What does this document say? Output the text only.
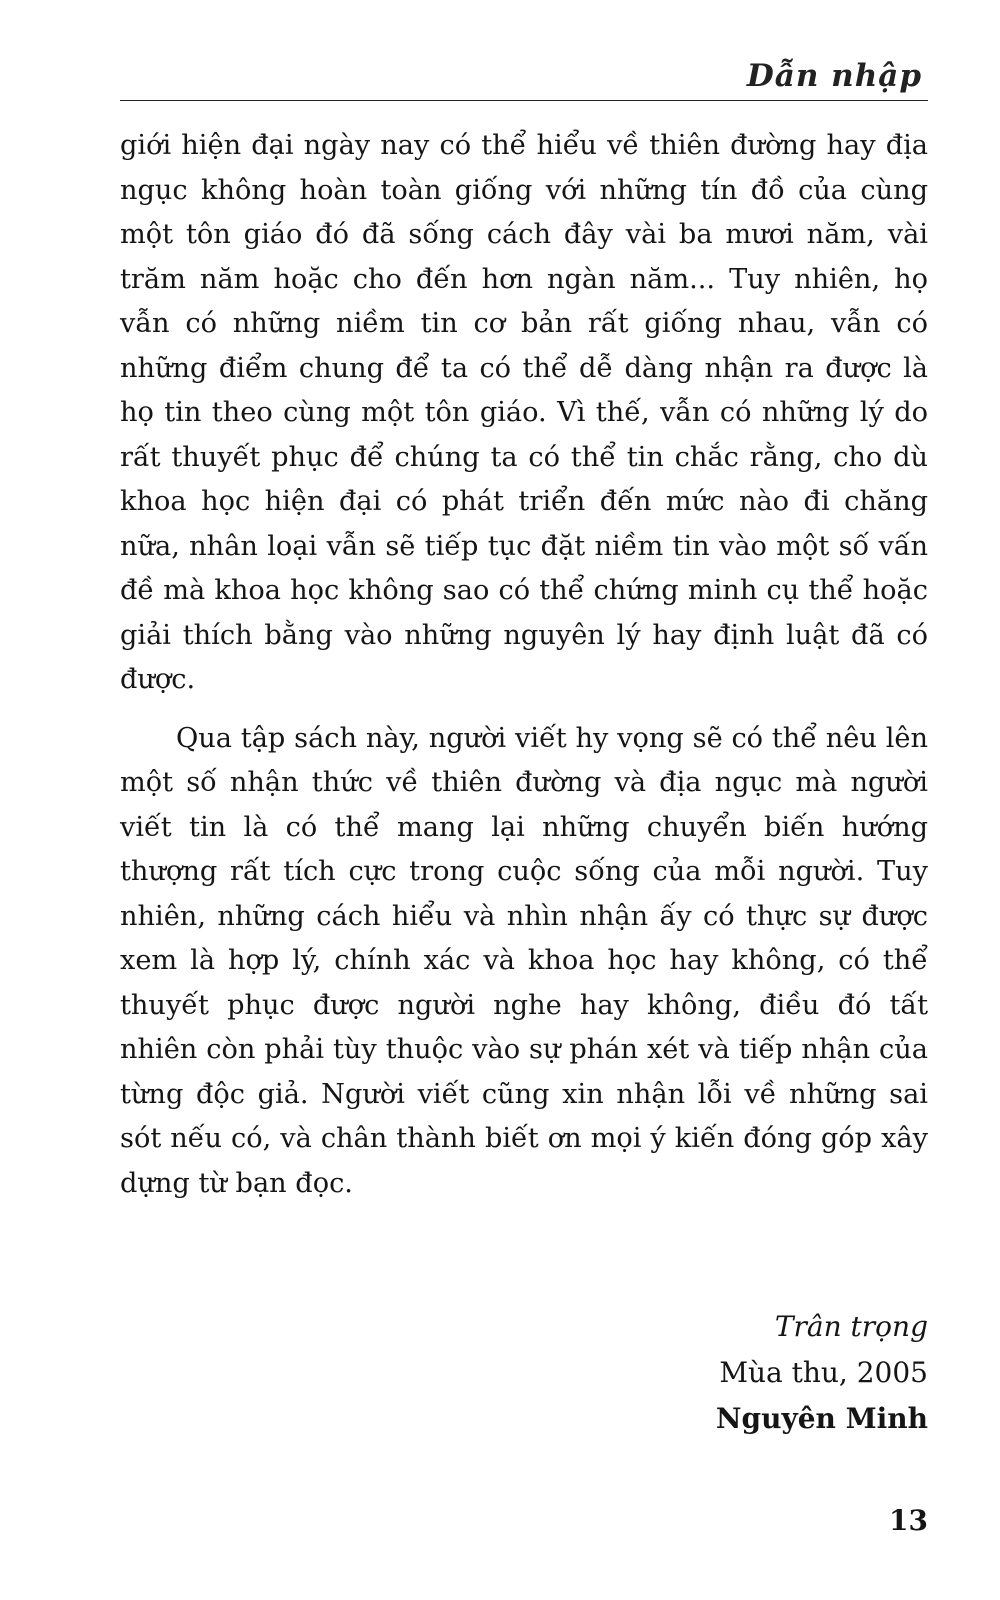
Dẫn nhập

giới hiện đại ngày nay có thể hiểu về thiên đường hay địa ngục không hoàn toàn giống với những tín đồ của cùng một tôn giáo đó đã sống cách đây vài ba mươi năm, vài trăm năm hoặc cho đến hơn ngàn năm... Tuy nhiên, họ vẫn có những niềm tin cơ bản rất giống nhau, vẫn có những điểm chung để ta có thể dễ dàng nhận ra được là họ tin theo cùng một tôn giáo. Vì thế, vẫn có những lý do rất thuyết phục để chúng ta có thể tin chắc rằng, cho dù khoa học hiện đại có phát triển đến mức nào đi chăng nữa, nhân loại vẫn sẽ tiếp tục đặt niềm tin vào một số vấn đề mà khoa học không sao có thể chứng minh cụ thể hoặc giải thích bằng vào những nguyên lý hay định luật đã có được.

Qua tập sách này, người viết hy vọng sẽ có thể nêu lên một số nhận thức về thiên đường và địa ngục mà người viết tin là có thể mang lại những chuyển biến hướng thượng rất tích cực trong cuộc sống của mỗi người. Tuy nhiên, những cách hiểu và nhìn nhận ấy có thực sự được xem là hợp lý, chính xác và khoa học hay không, có thể thuyết phục được người nghe hay không, điều đó tất nhiên còn phải tùy thuộc vào sự phán xét và tiếp nhận của từng độc giả. Người viết cũng xin nhận lỗi về những sai sót nếu có, và chân thành biết ơn mọi ý kiến đóng góp xây dựng từ bạn đọc.

Trân trọng
Mùa thu, 2005
Nguyên Minh
13
